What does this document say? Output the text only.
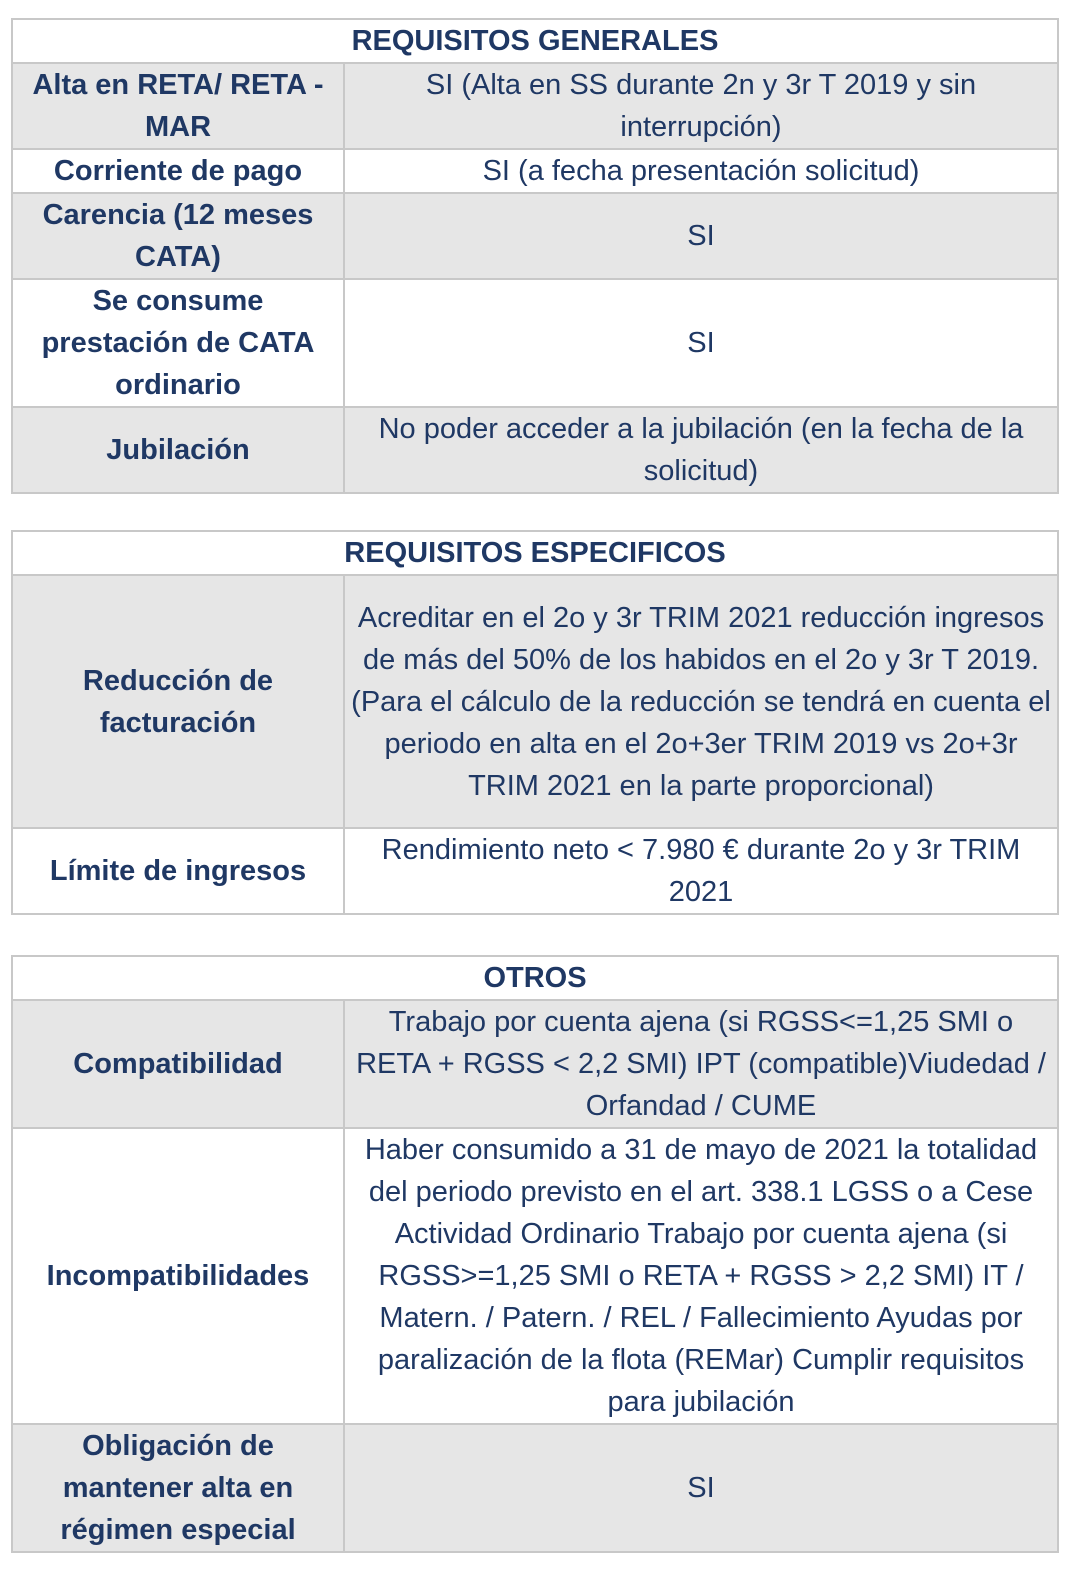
REQUISITOS GENERALES	
Alta en RETA/ RETA - MAR	SI (Alta en SS durante 2n y 3r T 2019 y sin interrupción)
Corriente de pago	SI (a fecha presentación solicitud)
Carencia (12 meses CATA)	SI
Se consume prestación de CATA ordinario	SI
Jubilación	No poder acceder a la jubilación (en la fecha de la solicitud)
REQUISITOS ESPECIFICOS	
Reducción de facturación	Acreditar en el 2o y 3r TRIM 2021 reducción ingresos de más del 50% de los habidos en el 2o y 3r T 2019. (Para el cálculo de la reducción se tendrá en cuenta el periodo en alta en el 2o+3er TRIM 2019 vs 2o+3r TRIM 2021 en la parte proporcional)
Límite de ingresos	Rendimiento neto < 7.980 € durante 2o y 3r TRIM 2021
OTROS	
Compatibilidad	Trabajo por cuenta ajena (si RGSS<=1,25 SMI o RETA + RGSS < 2,2 SMI) IPT (compatible)Viudedad / Orfandad / CUME
Incompatibilidades	Haber consumido a 31 de mayo de 2021 la totalidad del periodo previsto en el art. 338.1 LGSS o a Cese Actividad Ordinario Trabajo por cuenta ajena (si RGSS>=1,25 SMI o RETA + RGSS > 2,2 SMI) IT / Matern. / Patern. / REL / Fallecimiento Ayudas por paralización de la flota (REMar) Cumplir requisitos para jubilación
Obligación de mantener alta en régimen especial	SI
